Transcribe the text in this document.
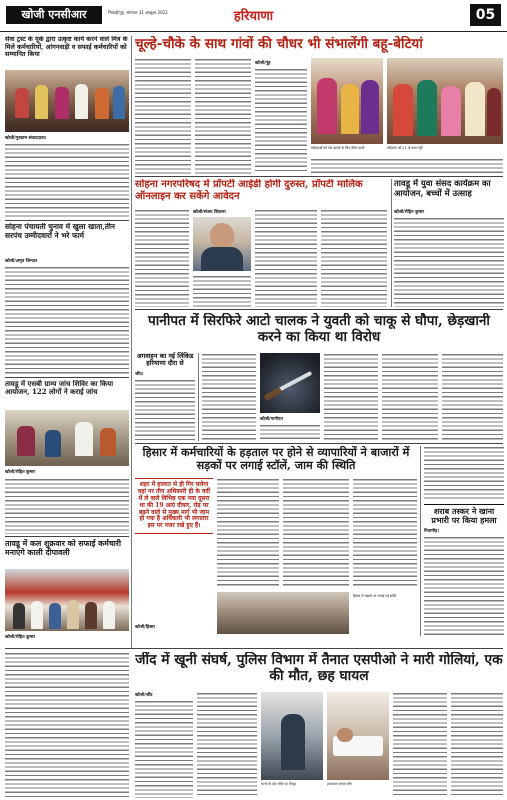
खोजी एनसीआर	भिवाड़ी/नूंह, सोमवार 31 अक्टूबर 2022	हरियाणा	05
सेवा ट्रस्ट के यूके द्वारा उत्कृष्ट कार्य करने वाले मित्र के मिले कर्मचारियों, आंगनवाड़ी व सफाई कर्मचारियों को सम्मानित किया
खोजी/गुरुग्राम संवाददाता।
सोहना पंचायती चुनाव में खुला खाता,तीन सरपंच उम्मीदवारों ने भरे फार्म
खोजी/अमृत जिन्दल
तावडू में एसबी ग्राम्य जांच शिविर का किया आयोजन, 122 लोगों ने कराई जांच
खोजी/रोहित कुमार
तावडू में कल शुक्रवार को सफाई कर्मचारी मनाएंगे काली दीपावली
खोजी/रोहित कुमार
चूल्हे-चौके के साथ गांवों की चौधर भी संभालेंगी बहू-बेटियां
खोजी/नूंह
महिलाओं को वोट डालने के लिए प्रेरित करते	महिलाएं जो 21 जे काम नहीं
सोहना नगरपरिषद में प्रॉपर्टी आईडी होगी दुरुस्त, प्रॉपर्टी मालिक ऑनलाइन कर सकेंगे आवेदन
खोजी/संजय शिकारा
तावडू में युवा संसद कार्यक्रम का आयोजन, बच्चों में उत्साह
खोजी/रोहित कुमार
पानीपत में सिरफिरे आटो चालक ने युवती को चाकू से घौपा, छेड़खानी करने का किया था विरोध
अगवाहन का नई लिंकिड हरियाणा दौरा से
जींद।
खोजी/पानीपत
हिसार में कर्मचारियों के हड़ताल पर होने से व्यापारियों ने बाजारों में सड़कों पर लगाई स्टॉलें, जाम की स्थिति
शहर में हालात से ही गिर चलेगा वहां पर तीन अधिकारी ही के वर्दी में ले वाले विभिन्न एक नया दूसरा था की 19 आएं दीवार, रोड़ पर बढ़ने वाले से मुख्य मार्ग भी जाम हो गया है अधिकारी भी लगातार इस पर नजर रखे हुए हैं।
हिसार में सड़कों पर लगाई गई स्टॉलें
खोजी/हिसार
शराब तस्कर ने खाना प्रभारी पर किया हमला
नियामीह।
जींद में खूनी संघर्ष, पुलिस विभाग में तैनात एसपीओ ने मारी गोलियां, एक की मौत, छह घायल
खोजी/जींद
घटना के बाद मौके पर मौजूद	इलाजरत घायल लोग
